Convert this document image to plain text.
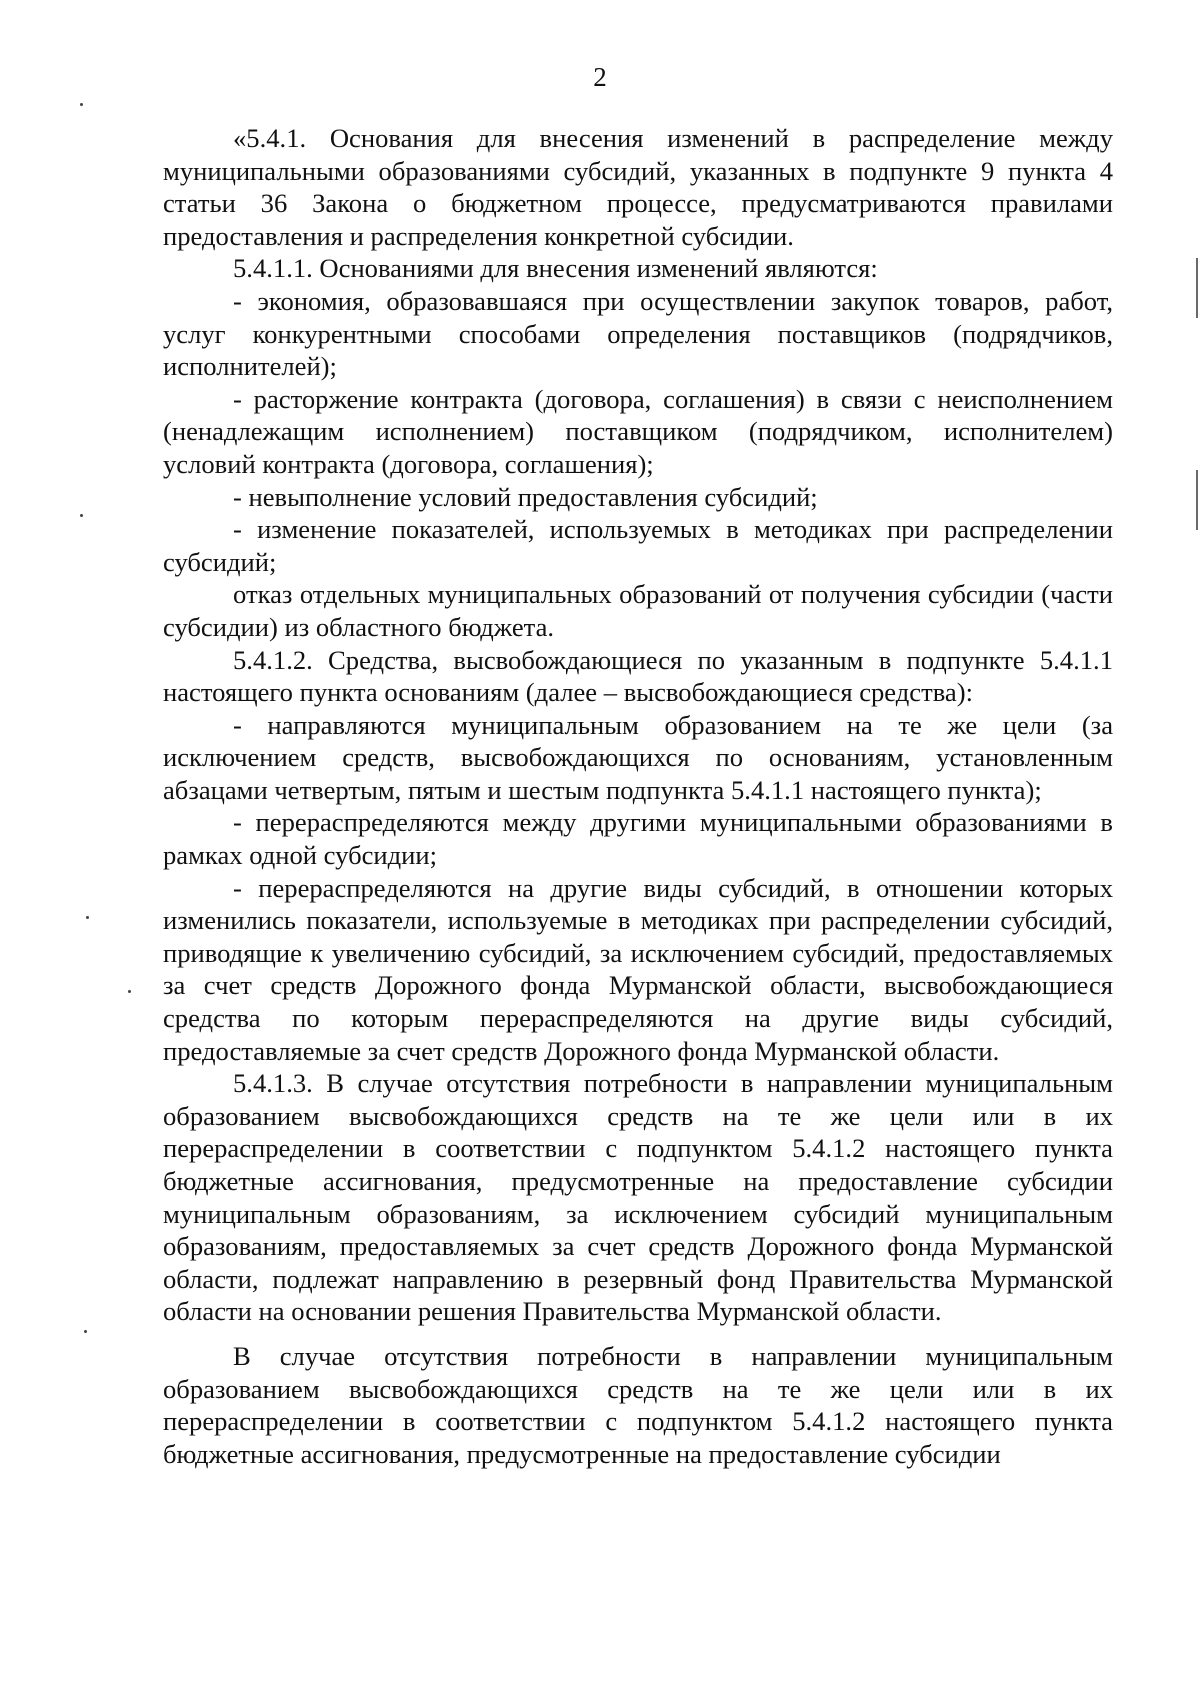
2

«5.4.1. Основания для внесения изменений в распределение между муниципальными образованиями субсидий, указанных в подпункте 9 пункта 4 статьи 36 Закона о бюджетном процессе, предусматриваются правилами предоставления и распределения конкретной субсидии.

5.4.1.1. Основаниями для внесения изменений являются:

- экономия, образовавшаяся при осуществлении закупок товаров, работ, услуг конкурентными способами определения поставщиков (подрядчиков, исполнителей);

- расторжение контракта (договора, соглашения) в связи с неисполнением (ненадлежащим исполнением) поставщиком (подрядчиком, исполнителем) условий контракта (договора, соглашения);

- невыполнение условий предоставления субсидий;

- изменение показателей, используемых в методиках при распределении субсидий;

отказ отдельных муниципальных образований от получения субсидии (части субсидии) из областного бюджета.

5.4.1.2. Средства, высвобождающиеся по указанным в подпункте 5.4.1.1 настоящего пункта основаниям (далее – высвобождающиеся средства):

- направляются муниципальным образованием на те же цели (за исключением средств, высвобождающихся по основаниям, установленным абзацами четвертым, пятым и шестым подпункта 5.4.1.1 настоящего пункта);

- перераспределяются между другими муниципальными образованиями в рамках одной субсидии;

- перераспределяются на другие виды субсидий, в отношении которых изменились показатели, используемые в методиках при распределении субсидий, приводящие к увеличению субсидий, за исключением субсидий, предоставляемых за счет средств Дорожного фонда Мурманской области, высвобождающиеся средства по которым перераспределяются на другие виды субсидий, предоставляемые за счет средств Дорожного фонда Мурманской области.

5.4.1.3. В случае отсутствия потребности в направлении муниципальным образованием высвобождающихся средств на те же цели или в их перераспределении в соответствии с подпунктом 5.4.1.2 настоящего пункта бюджетные ассигнования, предусмотренные на предоставление субсидии муниципальным образованиям, за исключением субсидий муниципальным образованиям, предоставляемых за счет средств Дорожного фонда Мурманской области, подлежат направлению в резервный фонд Правительства Мурманской области на основании решения Правительства Мурманской области.

В случае отсутствия потребности в направлении муниципальным образованием высвобождающихся средств на те же цели или в их перераспределении в соответствии с подпунктом 5.4.1.2 настоящего пункта бюджетные ассигнования, предусмотренные на предоставление субсидии
